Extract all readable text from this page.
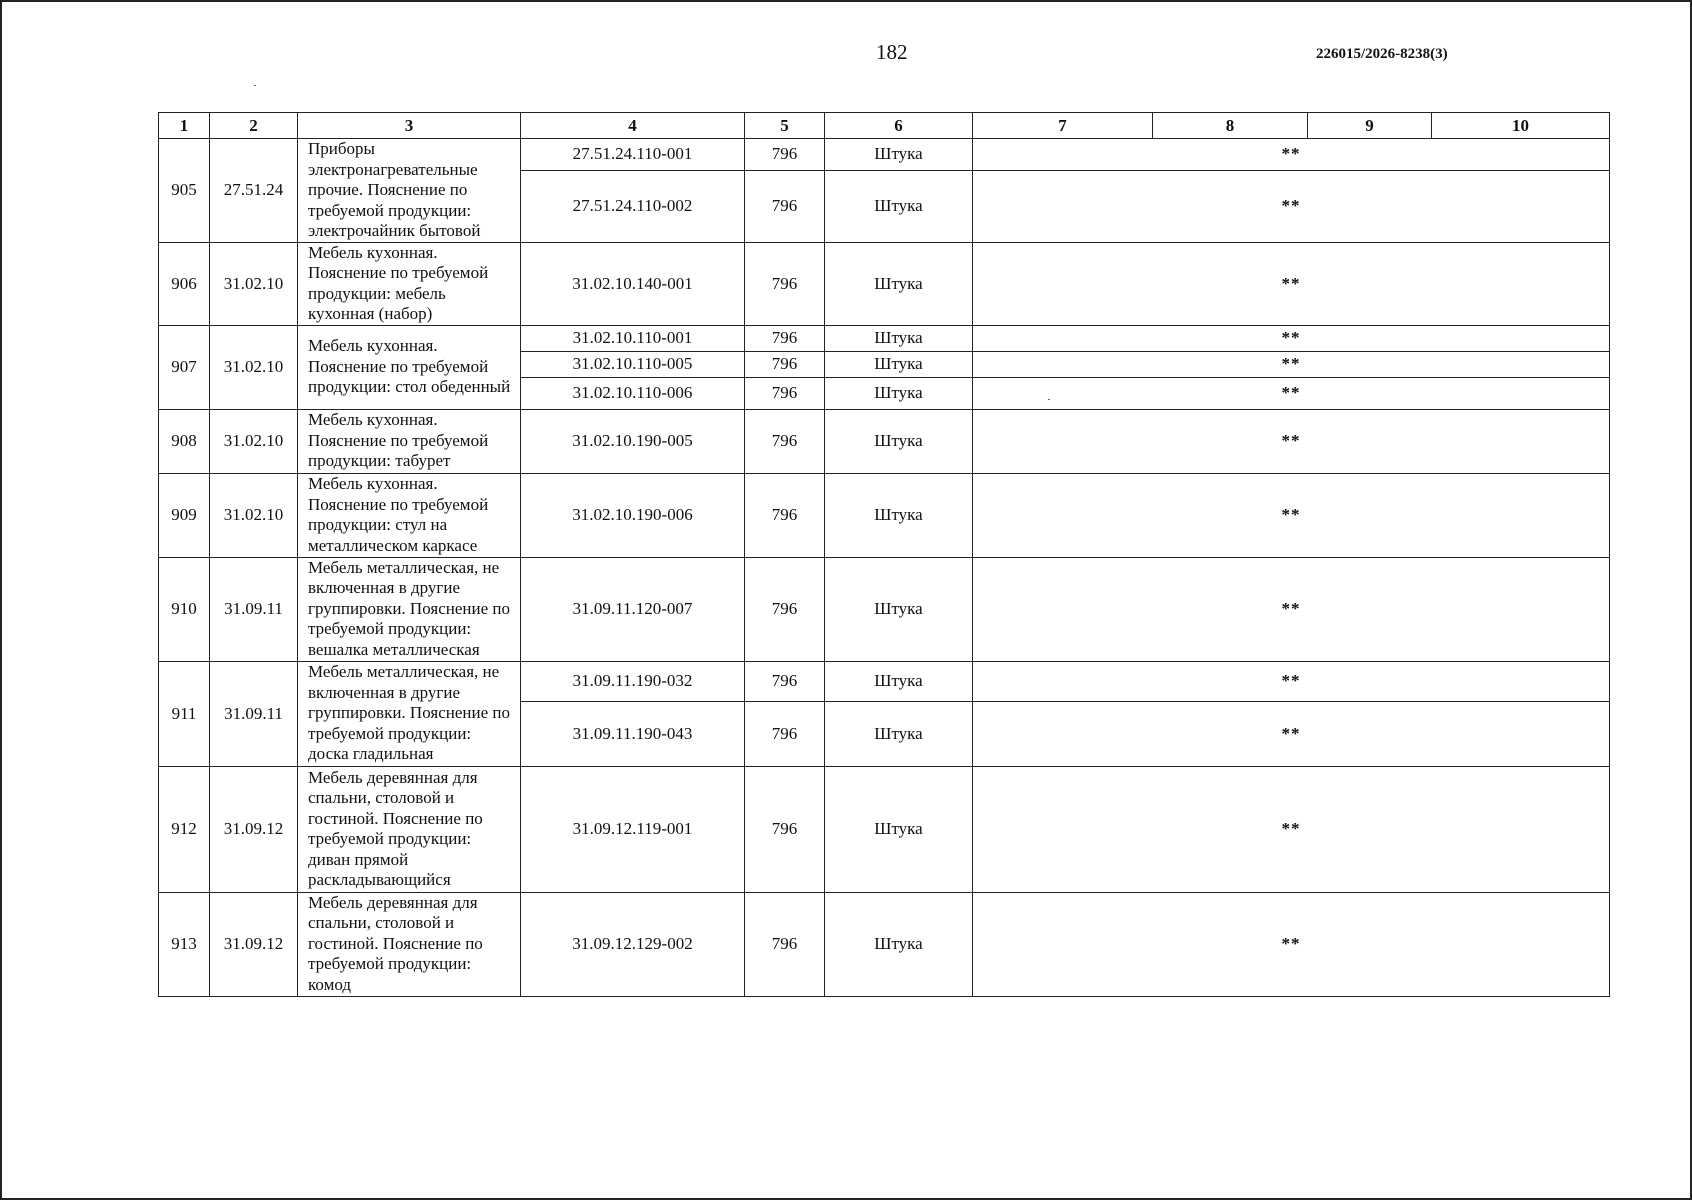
182	226015/2026-8238(3)
1	2	3	4	5	6	7	8	9	10
905	27.51.24	Приборы электронагревательные прочие. Пояснение по требуемой продукции: электрочайник бытовой	27.51.24.110-001	796	Штука	**			
			27.51.24.110-002	796	Штука	**			
906	31.02.10	Мебель кухонная. Пояснение по требуемой продукции: мебель кухонная (набор)	31.02.10.140-001	796	Штука	**			
907	31.02.10	Мебель кухонная. Пояснение по требуемой продукции: стол обеденный	31.02.10.110-001	796	Штука	**			
			31.02.10.110-005	796	Штука	**			
			31.02.10.110-006	796	Штука	**			
908	31.02.10	Мебель кухонная. Пояснение по требуемой продукции: табурет	31.02.10.190-005	796	Штука	**			
909	31.02.10	Мебель кухонная. Пояснение по требуемой продукции: стул на металлическом каркасе	31.02.10.190-006	796	Штука	**			
910	31.09.11	Мебель металлическая, не включенная в другие группировки. Пояснение по требуемой продукции: вешалка металлическая	31.09.11.120-007	796	Штука	**			
911	31.09.11	Мебель металлическая, не включенная в другие группировки. Пояснение по требуемой продукции: доска гладильная	31.09.11.190-032	796	Штука	**			
			31.09.11.190-043	796	Штука	**			
912	31.09.12	Мебель деревянная для спальни, столовой и гостиной. Пояснение по требуемой продукции: диван прямой раскладывающийся	31.09.12.119-001	796	Штука	**			
913	31.09.12	Мебель деревянная для спальни, столовой и гостиной. Пояснение по требуемой продукции: комод	31.09.12.129-002	796	Штука	**			
